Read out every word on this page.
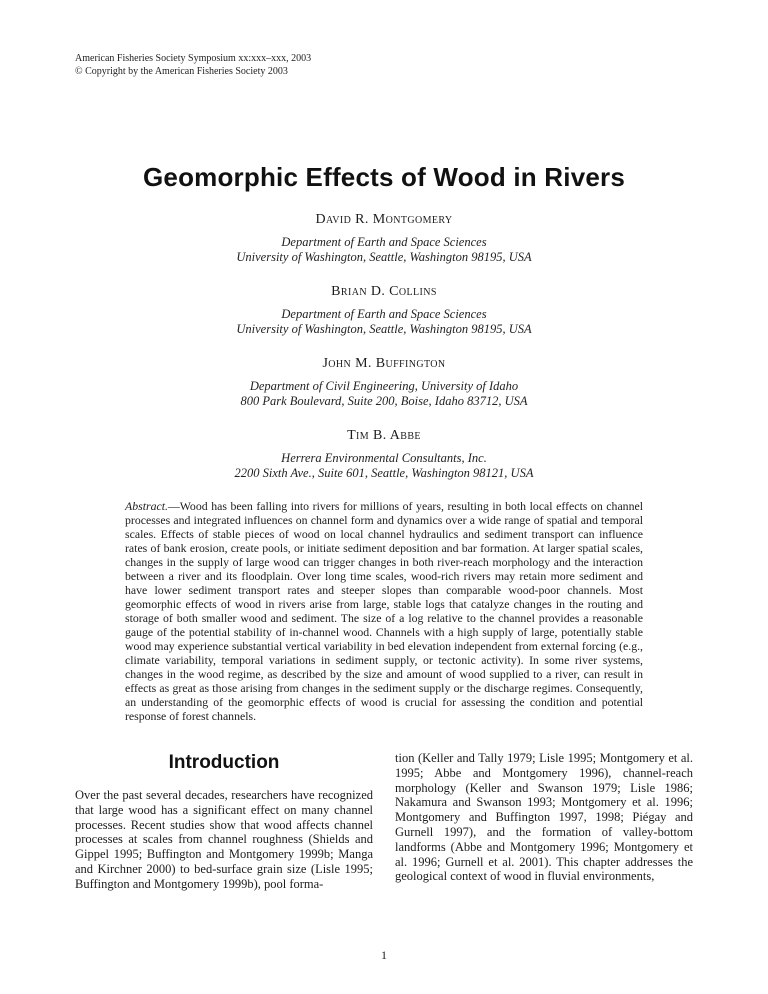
American Fisheries Society Symposium xx:xxx–xxx, 2003
© Copyright by the American Fisheries Society 2003
Geomorphic Effects of Wood in Rivers
David R. Montgomery
Department of Earth and Space Sciences
University of Washington, Seattle, Washington 98195, USA
Brian D. Collins
Department of Earth and Space Sciences
University of Washington, Seattle, Washington 98195, USA
John M. Buffington
Department of Civil Engineering, University of Idaho
800 Park Boulevard, Suite 200, Boise, Idaho 83712, USA
Tim B. Abbe
Herrera Environmental Consultants, Inc.
2200 Sixth Ave., Suite 601, Seattle, Washington 98121, USA

Abstract.—Wood has been falling into rivers for millions of years, resulting in both local effects on channel processes and integrated influences on channel form and dynamics over a wide range of spatial and temporal scales. Effects of stable pieces of wood on local channel hydraulics and sediment transport can influence rates of bank erosion, create pools, or initiate sediment deposition and bar formation. At larger spatial scales, changes in the supply of large wood can trigger changes in both river-reach morphology and the interaction between a river and its floodplain. Over long time scales, wood-rich rivers may retain more sediment and have lower sediment transport rates and steeper slopes than comparable wood-poor channels. Most geomorphic effects of wood in rivers arise from large, stable logs that catalyze changes in the routing and storage of both smaller wood and sediment. The size of a log relative to the channel provides a reasonable gauge of the potential stability of in-channel wood. Channels with a high supply of large, potentially stable wood may experience substantial vertical variability in bed elevation independent from external forcing (e.g., climate variability, temporal variations in sediment supply, or tectonic activity). In some river systems, changes in the wood regime, as described by the size and amount of wood supplied to a river, can result in effects as great as those arising from changes in the sediment supply or the discharge regimes. Consequently, an understanding of the geomorphic effects of wood is crucial for assessing the condition and potential response of forest channels.

Introduction

Over the past several decades, researchers have recognized that large wood has a significant effect on many channel processes. Recent studies show that wood affects channel processes at scales from channel roughness (Shields and Gippel 1995; Buffington and Montgomery 1999b; Manga and Kirchner 2000) to bed-surface grain size (Lisle 1995; Buffington and Montgomery 1999b), pool forma-

tion (Keller and Tally 1979; Lisle 1995; Montgomery et al. 1995; Abbe and Montgomery 1996), channel-reach morphology (Keller and Swanson 1979; Lisle 1986; Nakamura and Swanson 1993; Montgomery et al. 1996; Montgomery and Buffington 1997, 1998; Piégay and Gurnell 1997), and the formation of valley-bottom landforms (Abbe and Montgomery 1996; Montgomery et al. 1996; Gurnell et al. 2001). This chapter addresses the geological context of wood in fluvial environments,

1
